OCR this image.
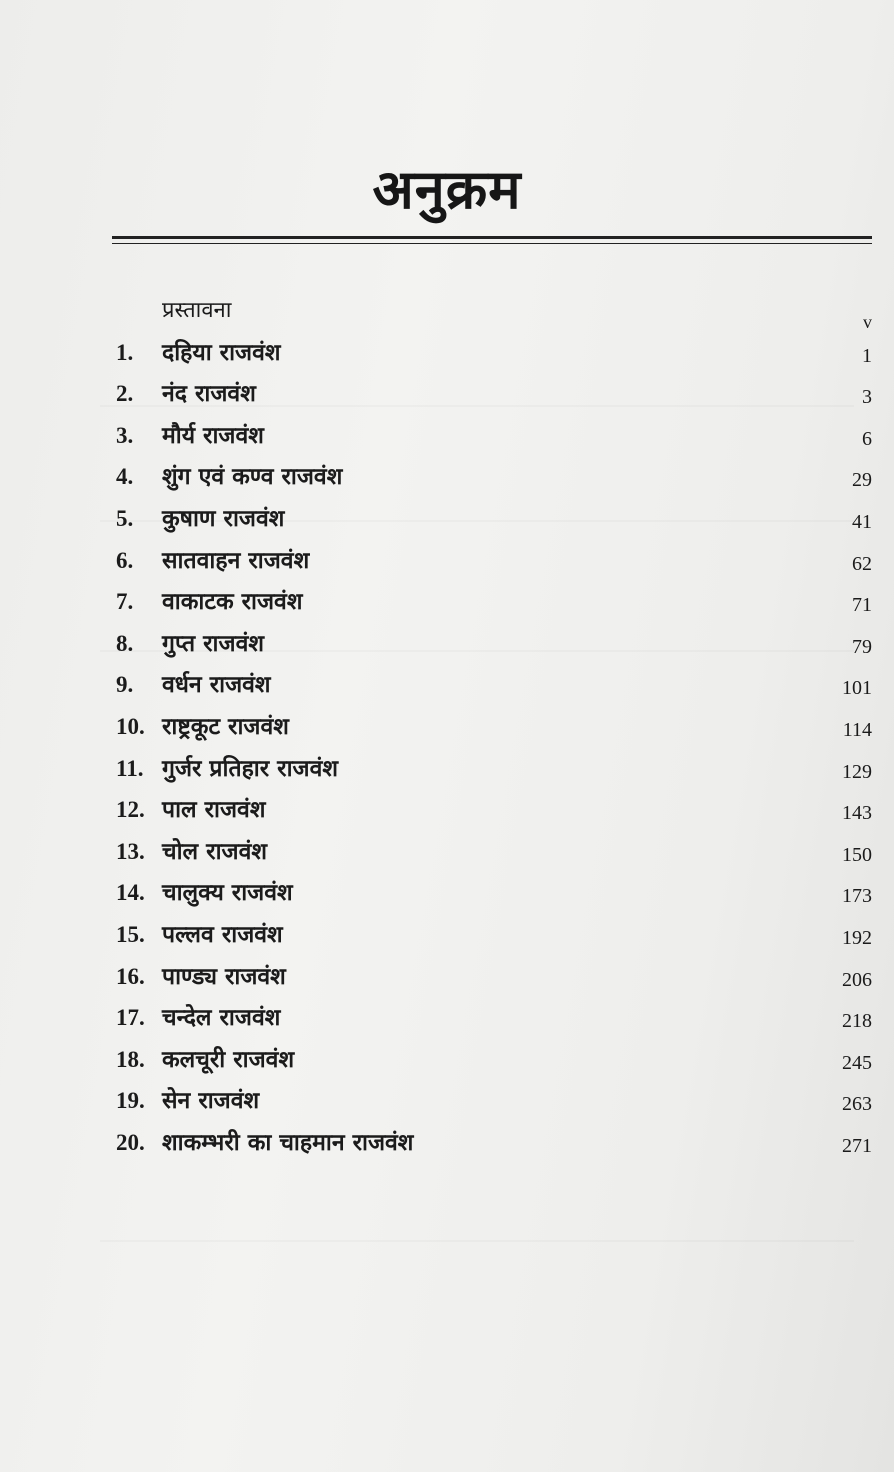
अनुक्रम
प्रस्तावना	v
1. दहिया राजवंश	1
2. नंद राजवंश	3
3. मौर्य राजवंश	6
4. शुंग एवं कण्व राजवंश	29
5. कुषाण राजवंश	41
6. सातवाहन राजवंश	62
7. वाकाटक राजवंश	71
8. गुप्त राजवंश	79
9. वर्धन राजवंश	101
10. राष्ट्रकूट राजवंश	114
11. गुर्जर प्रतिहार राजवंश	129
12. पाल राजवंश	143
13. चोल राजवंश	150
14. चालुक्य राजवंश	173
15. पल्लव राजवंश	192
16. पाण्ड्य राजवंश	206
17. चन्देल राजवंश	218
18. कलचूरी राजवंश	245
19. सेन राजवंश	263
20. शाकम्भरी का चाहमान राजवंश	271
